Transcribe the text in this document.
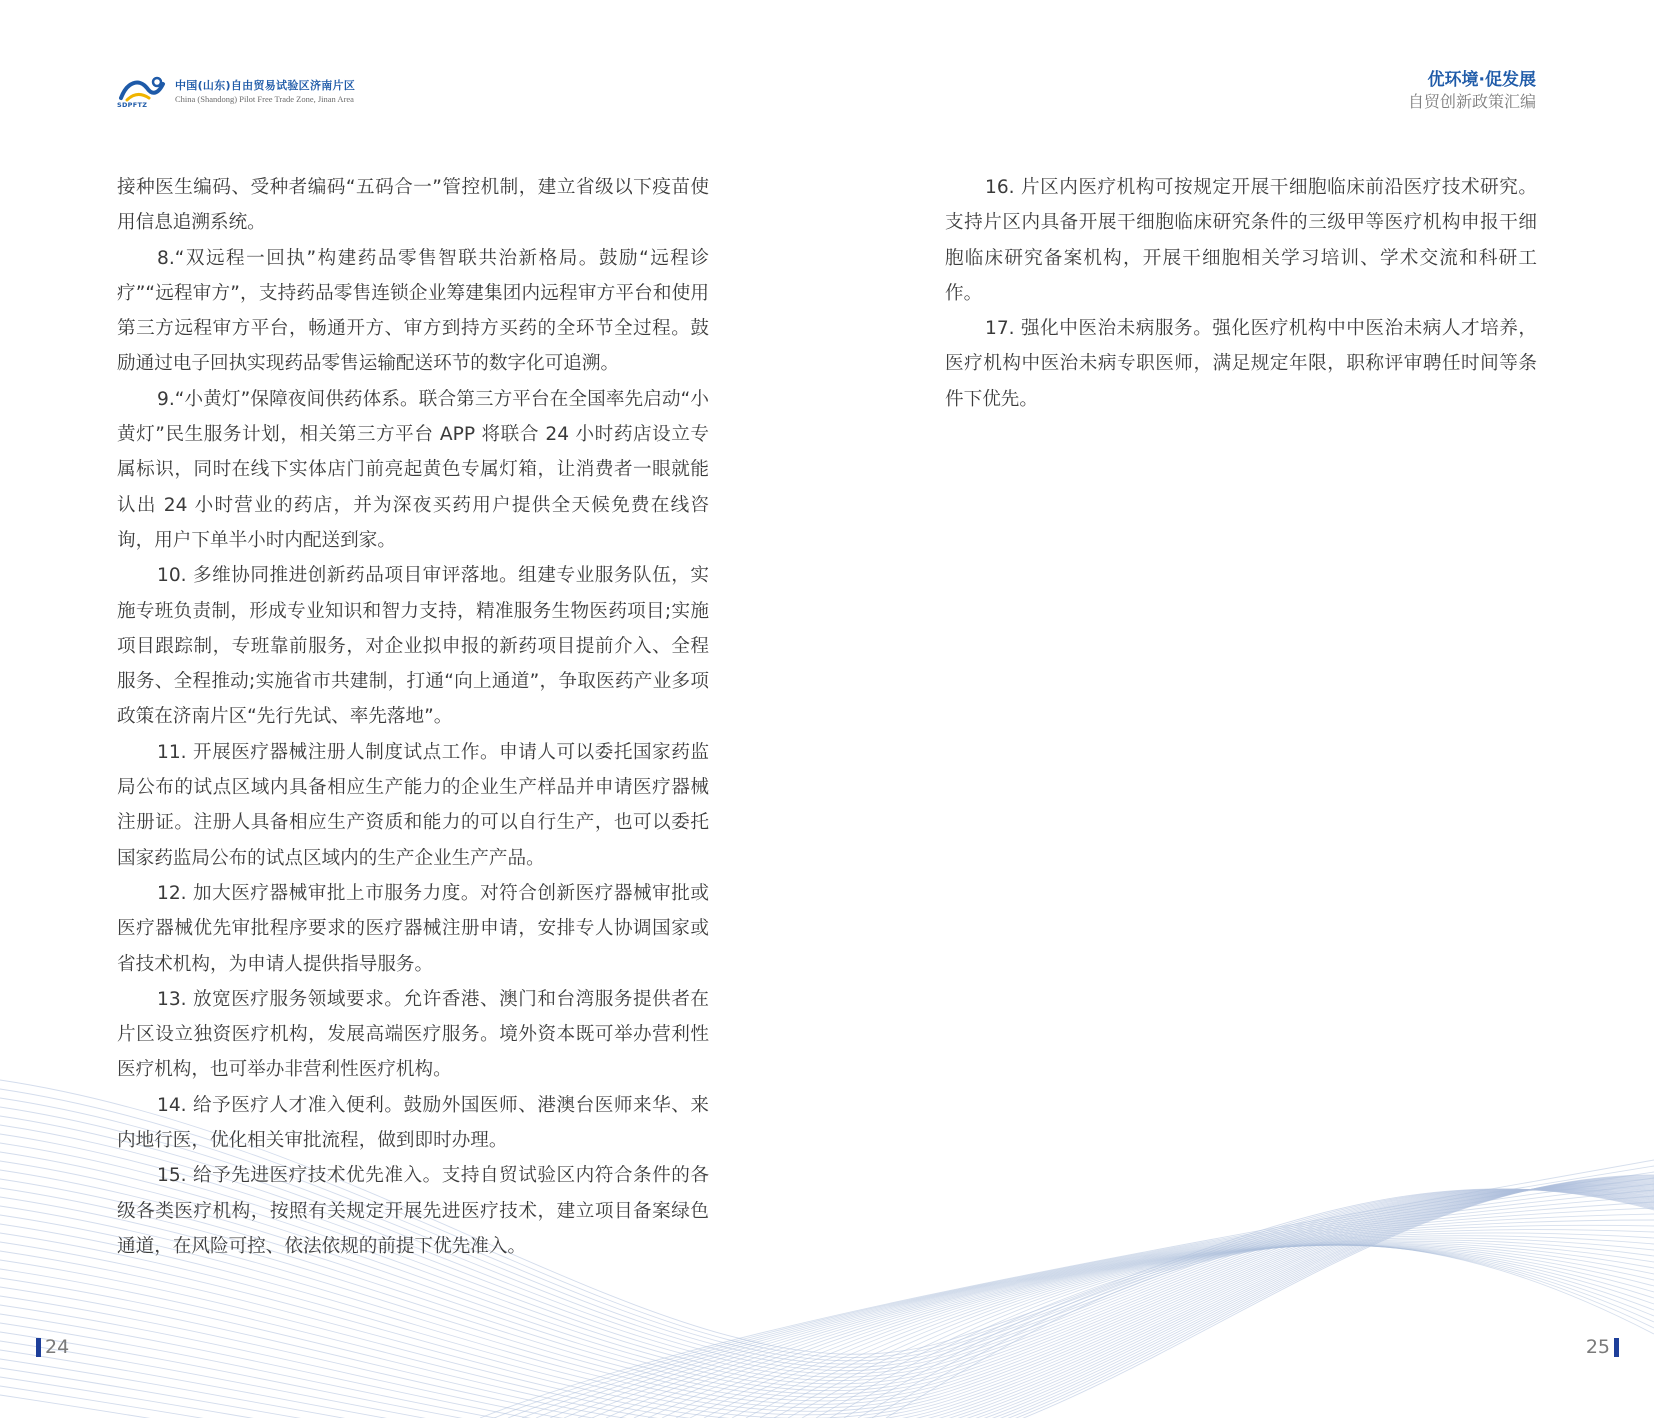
SDPFTZ
中国(山东)自由贸易试验区济南片区
China (Shandong) Pilot Free Trade Zone, Jinan Area
优环境·促发展
自贸创新政策汇编

接种医生编码、受种者编码“五码合一”管控机制，建立省级以下疫苗使用信息追溯系统。

8.“双远程一回执”构建药品零售智联共治新格局。鼓励“远程诊疗”“远程审方”，支持药品零售连锁企业筹建集团内远程审方平台和使用第三方远程审方平台，畅通开方、审方到持方买药的全环节全过程。鼓励通过电子回执实现药品零售运输配送环节的数字化可追溯。

9.“小黄灯”保障夜间供药体系。联合第三方平台在全国率先启动“小黄灯”民生服务计划，相关第三方平台 APP 将联合 24 小时药店设立专属标识，同时在线下实体店门前亮起黄色专属灯箱，让消费者一眼就能认出 24 小时营业的药店，并为深夜买药用户提供全天候免费在线咨询，用户下单半小时内配送到家。

10. 多维协同推进创新药品项目审评落地。组建专业服务队伍，实施专班负责制，形成专业知识和智力支持，精准服务生物医药项目;实施项目跟踪制，专班靠前服务，对企业拟申报的新药项目提前介入、全程服务、全程推动;实施省市共建制，打通“向上通道”，争取医药产业多项政策在济南片区“先行先试、率先落地”。

11. 开展医疗器械注册人制度试点工作。申请人可以委托国家药监局公布的试点区域内具备相应生产能力的企业生产样品并申请医疗器械注册证。注册人具备相应生产资质和能力的可以自行生产，也可以委托国家药监局公布的试点区域内的生产企业生产产品。

12. 加大医疗器械审批上市服务力度。对符合创新医疗器械审批或医疗器械优先审批程序要求的医疗器械注册申请，安排专人协调国家或省技术机构，为申请人提供指导服务。

13. 放宽医疗服务领域要求。允许香港、澳门和台湾服务提供者在片区设立独资医疗机构，发展高端医疗服务。境外资本既可举办营利性医疗机构，也可举办非营利性医疗机构。

14. 给予医疗人才准入便利。鼓励外国医师、港澳台医师来华、来内地行医，优化相关审批流程，做到即时办理。

15. 给予先进医疗技术优先准入。支持自贸试验区内符合条件的各级各类医疗机构，按照有关规定开展先进医疗技术，建立项目备案绿色通道，在风险可控、依法依规的前提下优先准入。

16. 片区内医疗机构可按规定开展干细胞临床前沿医疗技术研究。支持片区内具备开展干细胞临床研究条件的三级甲等医疗机构申报干细胞临床研究备案机构，开展干细胞相关学习培训、学术交流和科研工作。

17. 强化中医治未病服务。强化医疗机构中中医治未病人才培养，医疗机构中医治未病专职医师，满足规定年限，职称评审聘任时间等条件下优先。

24	25
